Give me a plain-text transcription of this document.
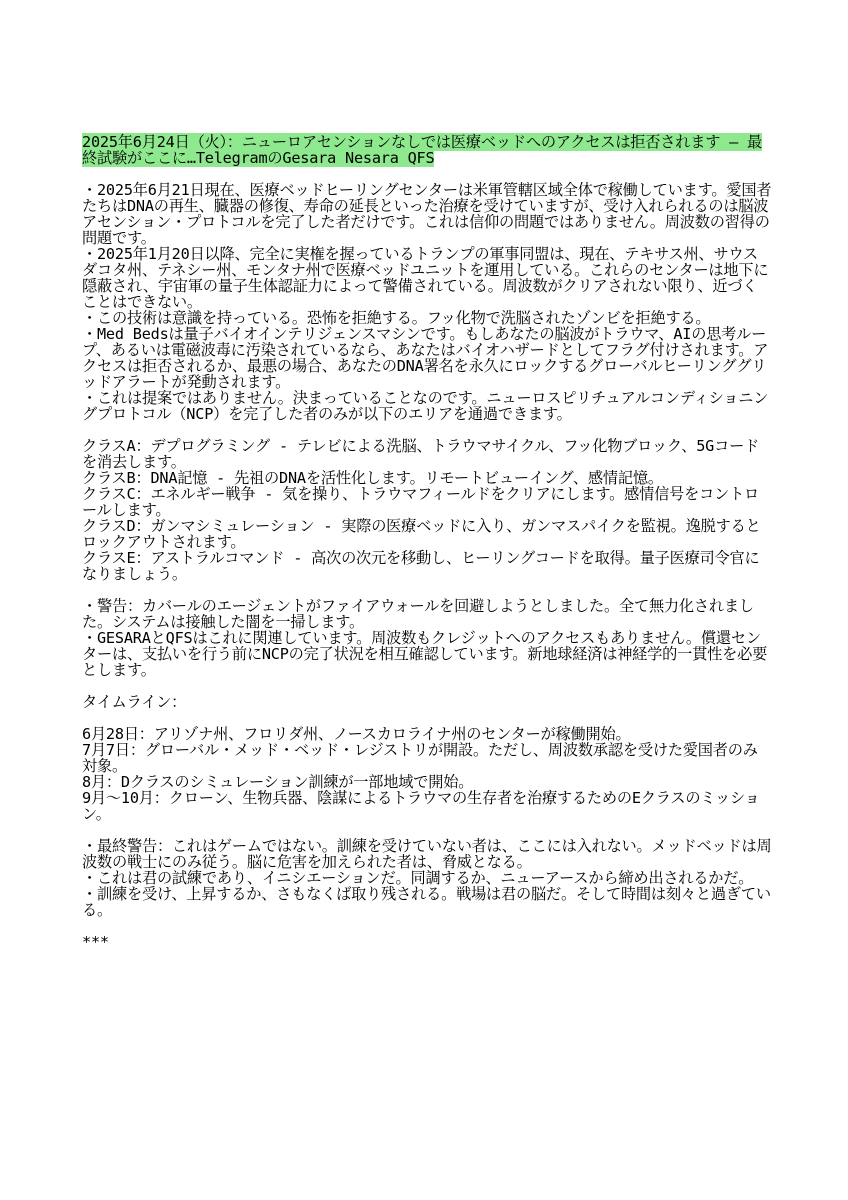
2025年6月24日（火）：ニューロアセンションなしでは医療ベッドへのアクセスは拒否されます ― 最終試験がここに…TelegramのGesara Nesara QFS
・2025年6月21日現在、医療ベッドヒーリングセンターは米軍管轄区域全体で稼働しています。愛国者たちはDNAの再生、臓器の修復、寿命の延長といった治療を受けていますが、受け入れられるのは脳波アセンション・プロトコルを完了した者だけです。これは信仰の問題ではありません。周波数の習得の問題です。
・2025年1月20日以降、完全に実権を握っているトランプの軍事同盟は、現在、テキサス州、サウスダコタ州、テネシー州、モンタナ州で医療ベッドユニットを運用している。これらのセンターは地下に隠蔽され、宇宙軍の量子生体認証力によって警備されている。周波数がクリアされない限り、近づくことはできない。
・この技術は意識を持っている。恐怖を拒絶する。フッ化物で洗脳されたゾンビを拒絶する。
・Med Bedsは量子バイオインテリジェンスマシンです。もしあなたの脳波がトラウマ、AIの思考ループ、あるいは電磁波毒に汚染されているなら、あなたはバイオハザードとしてフラグ付けされます。アクセスは拒否されるか、最悪の場合、あなたのDNA署名を永久にロックするグローバルヒーリンググリッドアラートが発動されます。
・これは提案ではありません。決まっていることなのです。ニューロスピリチュアルコンディショニングプロトコル（NCP）を完了した者のみが以下のエリアを通過できます。
クラスA：デプログラミング - テレビによる洗脳、トラウマサイクル、フッ化物ブロック、5Gコードを消去します。
クラスB：DNA記憶 - 先祖のDNAを活性化します。リモートビューイング、感情記憶。
クラスC：エネルギー戦争 - 気を操り、トラウマフィールドをクリアにします。感情信号をコントロールします。
クラスD：ガンマシミュレーション - 実際の医療ベッドに入り、ガンマスパイクを監視。逸脱するとロックアウトされます。
クラスE：アストラルコマンド - 高次の次元を移動し、ヒーリングコードを取得。量子医療司令官になりましょう。
・警告：カバールのエージェントがファイアウォールを回避しようとしました。全て無力化されました。システムは接触した闇を一掃します。
・GESARAとQFSはこれに関連しています。周波数もクレジットへのアクセスもありません。償還センターは、支払いを行う前にNCPの完了状況を相互確認しています。新地球経済は神経学的一貫性を必要とします。
タイムライン：
6月28日：アリゾナ州、フロリダ州、ノースカロライナ州のセンターが稼働開始。
7月7日：グローバル・メッド・ベッド・レジストリが開設。ただし、周波数承認を受けた愛国者のみ対象。
8月：Dクラスのシミュレーション訓練が一部地域で開始。
9月～10月：クローン、生物兵器、陰謀によるトラウマの生存者を治療するためのEクラスのミッション。
・最終警告：これはゲームではない。訓練を受けていない者は、ここには入れない。メッドベッドは周波数の戦士にのみ従う。脳に危害を加えられた者は、脅威となる。
・これは君の試練であり、イニシエーションだ。同調するか、ニューアースから締め出されるかだ。
・訓練を受け、上昇するか、さもなくば取り残される。戦場は君の脳だ。そして時間は刻々と過ぎている。
***
